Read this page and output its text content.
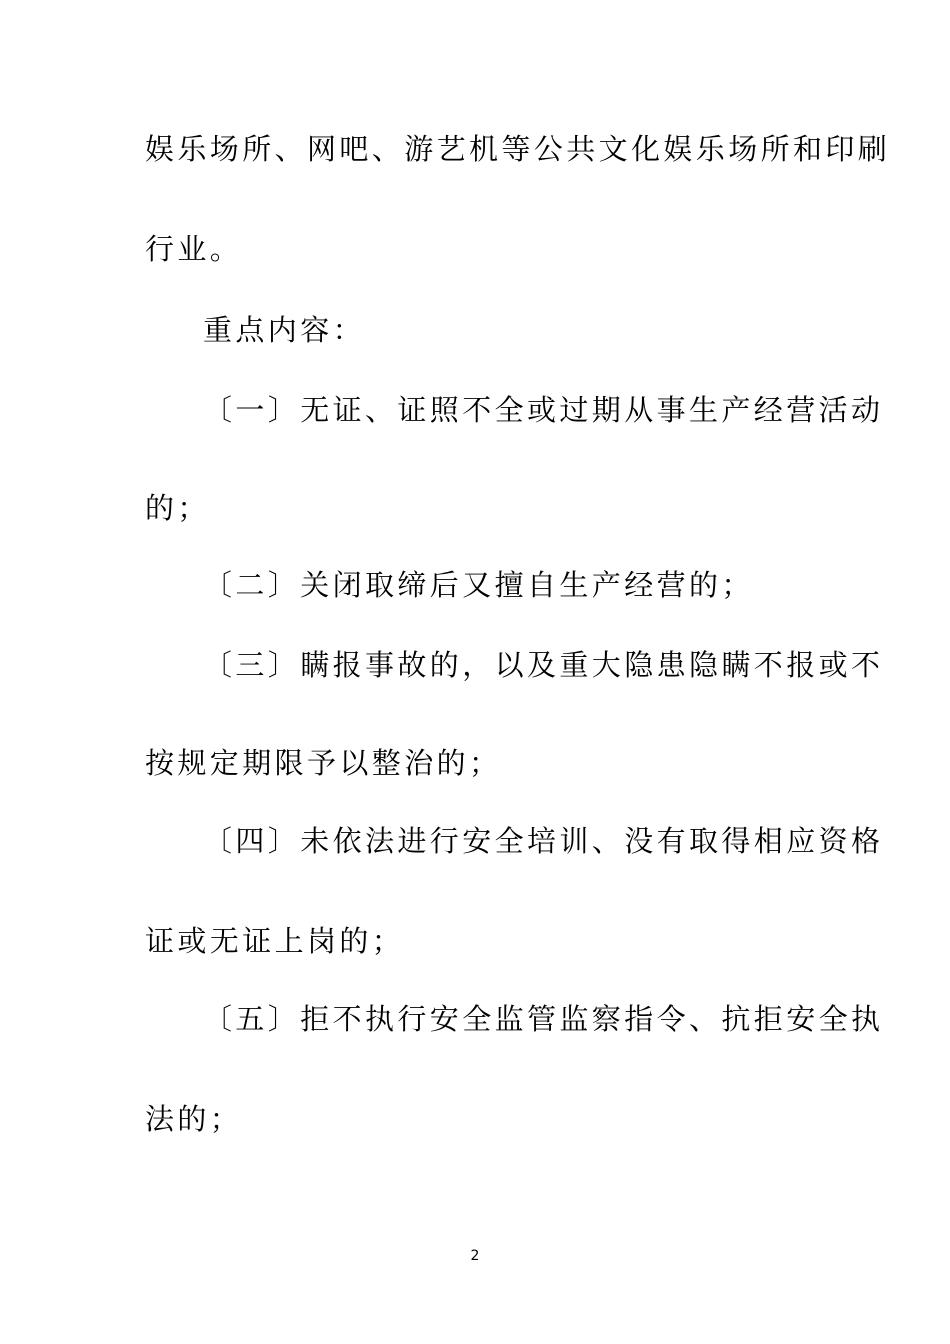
娱乐场所、网吧、游艺机等公共文化娱乐场所和印刷
行业。
重点内容：
〔一〕无证、证照不全或过期从事生产经营活动
的；
〔二〕关闭取缔后又擅自生产经营的；
〔三〕瞒报事故的，以及重大隐患隐瞒不报或不
按规定期限予以整治的；
〔四〕未依法进行安全培训、没有取得相应资格
证或无证上岗的；
〔五〕拒不执行安全监管监察指令、抗拒安全执
法的；
2
